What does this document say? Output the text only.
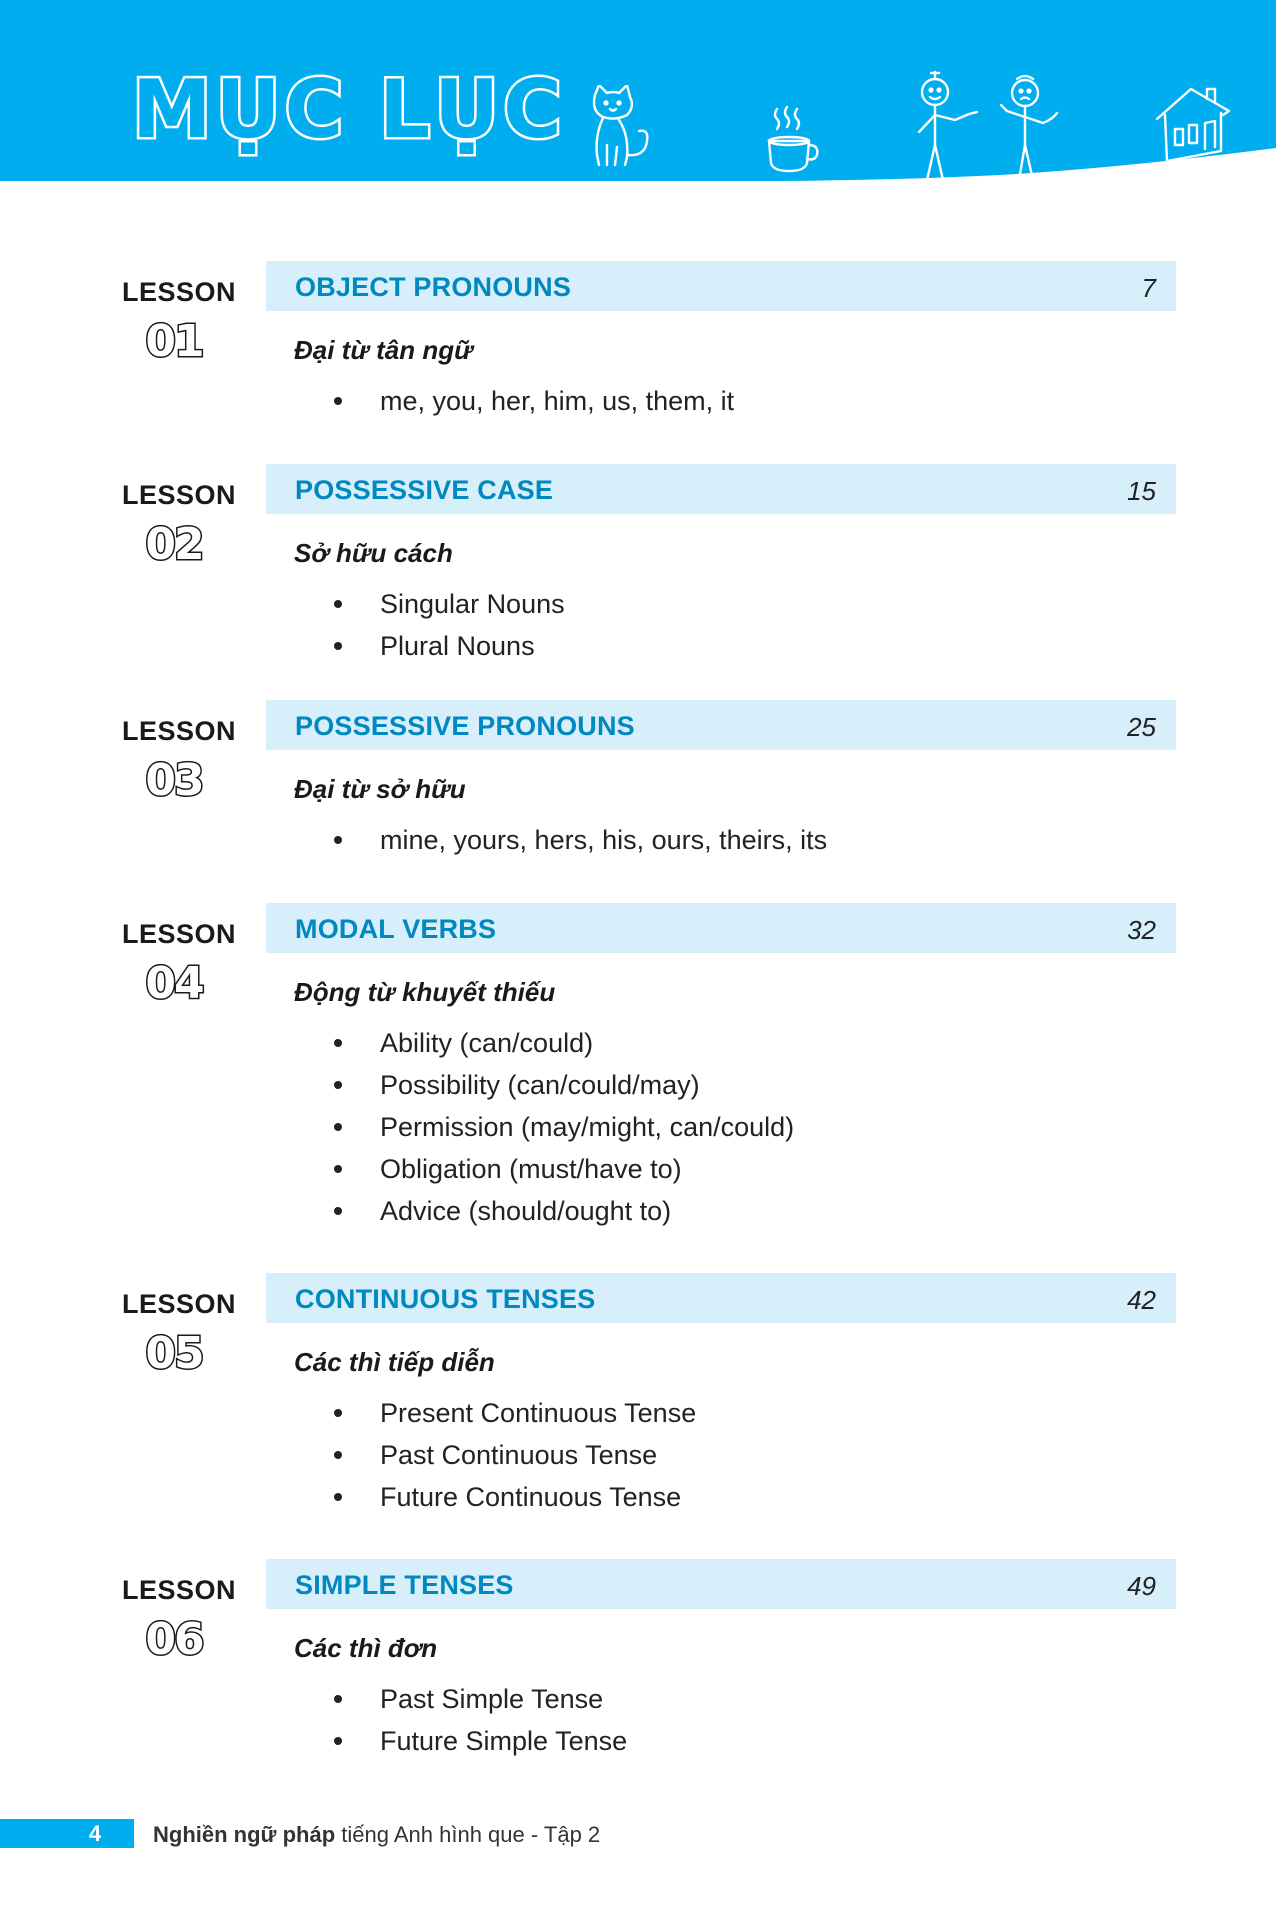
MỤC LỤC
LESSON
01
OBJECT PRONOUNS	7
Đại từ tân ngữ
me, you, her, him, us, them, it
LESSON
02
POSSESSIVE CASE	15
Sở hữu cách
Singular Nouns
Plural Nouns
LESSON
03
POSSESSIVE PRONOUNS	25
Đại từ sở hữu
mine, yours, hers, his, ours, theirs, its
LESSON
04
MODAL VERBS	32
Động từ khuyết thiếu
Ability (can/could)
Possibility (can/could/may)
Permission (may/might, can/could)
Obligation (must/have to)
Advice (should/ought to)
LESSON
05
CONTINUOUS TENSES	42
Các thì tiếp diễn
Present Continuous Tense
Past Continuous Tense
Future Continuous Tense
LESSON
06
SIMPLE TENSES	49
Các thì đơn
Past Simple Tense
Future Simple Tense
4	Nghiền ngữ pháp tiếng Anh hình que - Tập 2
